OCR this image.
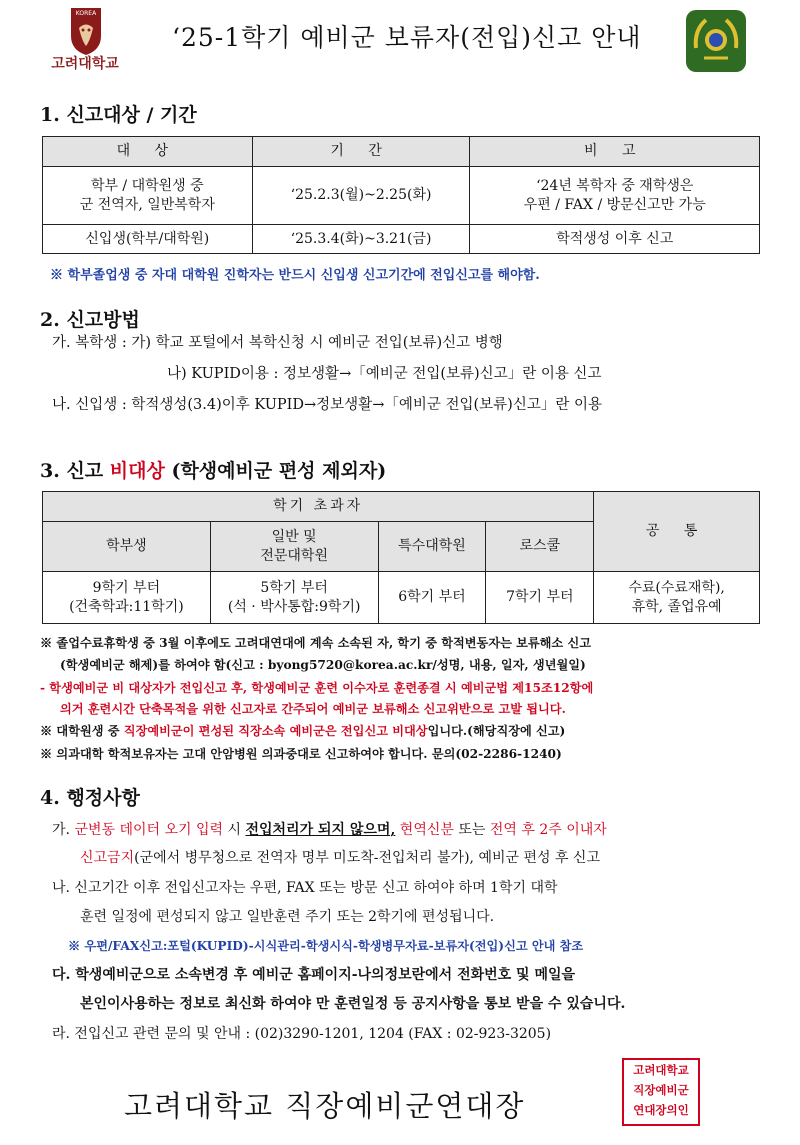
KOREA
고려대학교
‘25-1학기 예비군 보류자(전입)신고 안내
1. 신고대상 / 기간
대 상	기 간	비 고
학부 / 대학원생 중
군 전역자, 일반복학자	‘25.2.3(월)~2.25(화)	‘24년 복학자 중 재학생은
우편 / FAX / 방문신고만 가능
신입생(학부/대학원)	‘25.3.4(화)~3.21(금)	학적생성 이후 신고
※ 학부졸업생 중 자대 대학원 진학자는 반드시 신입생 신고기간에 전입신고를 해야함.
2. 신고방법
가. 복학생 : 가) 학교 포털에서 복학신청 시 예비군 전입(보류)신고 병행
나) KUPID이용 : 정보생활→「예비군 전입(보류)신고」란 이용 신고
나. 신입생 : 학적생성(3.4)이후 KUPID→정보생활→「예비군 전입(보류)신고」란 이용
3. 신고 비대상 (학생예비군 편성 제외자)
학기 초과자				공 통
학부생	일반 및
전문대학원	특수대학원	로스쿨	
9학기 부터
(건축학과:11학기)	5학기 부터
(석 · 박사통합:9학기)	6학기 부터	7학기 부터	수료(수료재학),
휴학, 졸업유예
※ 졸업수료휴학생 중 3월 이후에도 고려대연대에 계속 소속된 자, 학기 중 학적변동자는 보류해소 신고
(학생예비군 해제)를 하여야 함(신고 : byong5720@korea.ac.kr/성명, 내용, 일자, 생년월일)
- 학생예비군 비 대상자가 전입신고 후, 학생예비군 훈련 이수자로 훈련종결 시 예비군법 제15조12항에
의거 훈련시간 단축목적을 위한 신고자로 간주되어 예비군 보류해소 신고위반으로 고발 됩니다.
※ 대학원생 중 직장예비군이 편성된 직장소속 예비군은 전입신고 비대상입니다.(해당직장에 신고)
※ 의과대학 학적보유자는 고대 안암병원 의과중대로 신고하여야 합니다. 문의(02-2286-1240)
4. 행정사항
가. 군변동 데이터 오기 입력 시 전입처리가 되지 않으며, 현역신분 또는 전역 후 2주 이내자
신고금지(군에서 병무청으로 전역자 명부 미도착-전입처리 불가), 예비군 편성 후 신고
나. 신고기간 이후 전입신고자는 우편, FAX 또는 방문 신고 하여야 하며 1학기 대학
훈련 일정에 편성되지 않고 일반훈련 주기 또는 2학기에 편성됩니다.
※ 우편/FAX신고:포털(KUPID)-시식관리-학생시식-학생병무자료-보류자(전입)신고 안내 참조
다. 학생예비군으로 소속변경 후 예비군 홈페이지-나의정보란에서 전화번호 및 메일을
본인이사용하는 정보로 최신화 하여야 만 훈련일정 등 공지사항을 통보 받을 수 있습니다.
라. 전입신고 관련 문의 및 안내 : (02)3290-1201, 1204 (FAX : 02-923-3205)
고려대학교 직장예비군연대장
고려대학교
직장예비군
연대장의인
